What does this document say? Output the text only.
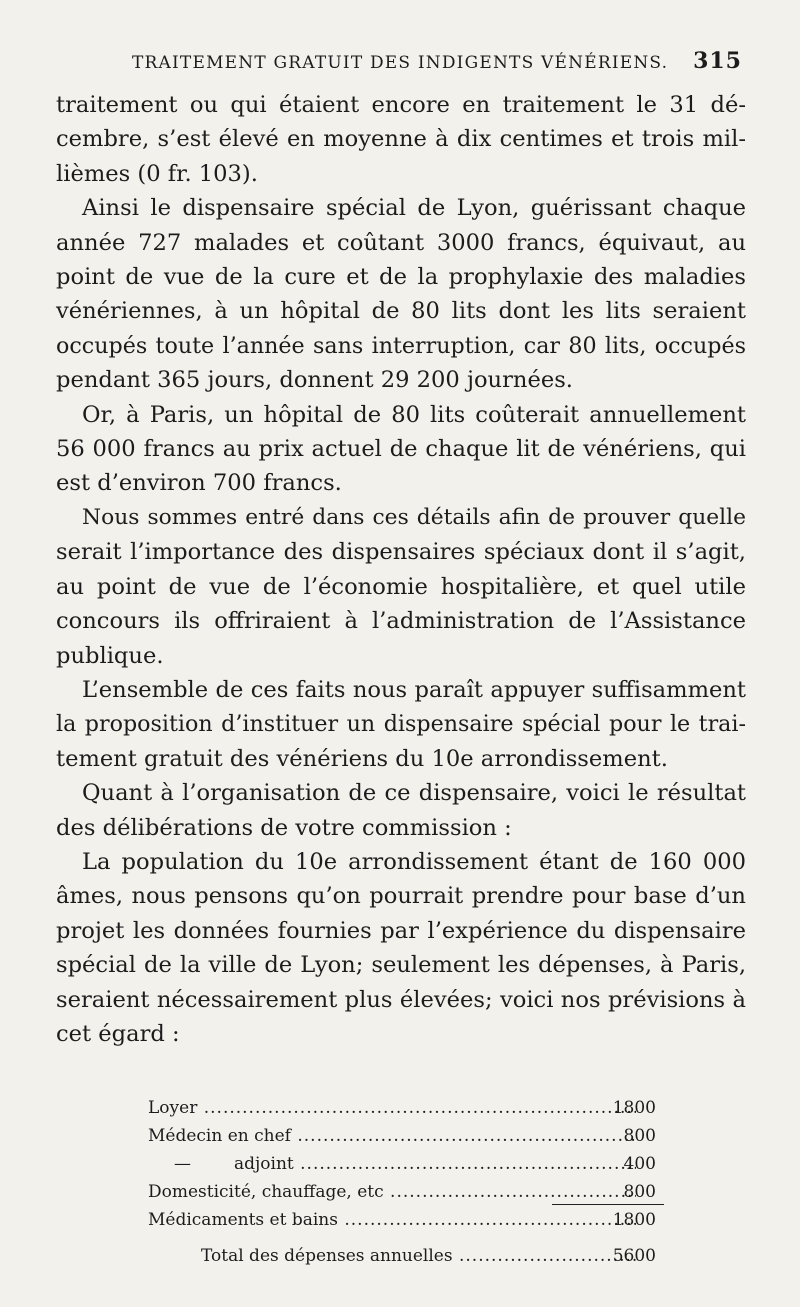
TRAITEMENT GRATUIT DES INDIGENTS VÉNÉRIENS. 315
traitement ou qui étaient encore en traitement le 31 dé-
cembre, s’est élevé en moyenne à dix centimes et trois mil-
lièmes (0 fr. 103).
Ainsi le dispensaire spécial de Lyon, guérissant chaque
année 727 malades et coûtant 3000 francs, équivaut, au
point de vue de la cure et de la prophylaxie des maladies
vénériennes, à un hôpital de 80 lits dont les lits seraient
occupés toute l’année sans interruption, car 80 lits, occupés
pendant 365 jours, donnent 29 200 journées.
Or, à Paris, un hôpital de 80 lits coûterait annuellement
56 000 francs au prix actuel de chaque lit de vénériens, qui
est d’environ 700 francs.
Nous sommes entré dans ces détails afin de prouver quelle
serait l’importance des dispensaires spéciaux dont il s’agit,
au point de vue de l’économie hospitalière, et quel utile
concours ils offriraient à l’administration de l’Assistance
publique.
L’ensemble de ces faits nous paraît appuyer suffisamment
la proposition d’instituer un dispensaire spécial pour le trai-
tement gratuit des vénériens du 10e arrondissement.
Quant à l’organisation de ce dispensaire, voici le résultat
des délibérations de votre commission :
La population du 10e arrondissement étant de 160 000
âmes, nous pensons qu’on pourrait prendre pour base d’un
projet les données fournies par l’expérience du dispensaire
spécial de la ville de Lyon; seulement les dépenses, à Paris,
seraient nécessairement plus élevées; voici nos prévisions à
cet égard :
Loyer .....	1800
Médecin en chef .....	800
—	adjoint .....	400
Domesticité, chauffage, etc .....	800
Médicaments et bains .....	1800
Total des dépenses annuelles .....	5600
